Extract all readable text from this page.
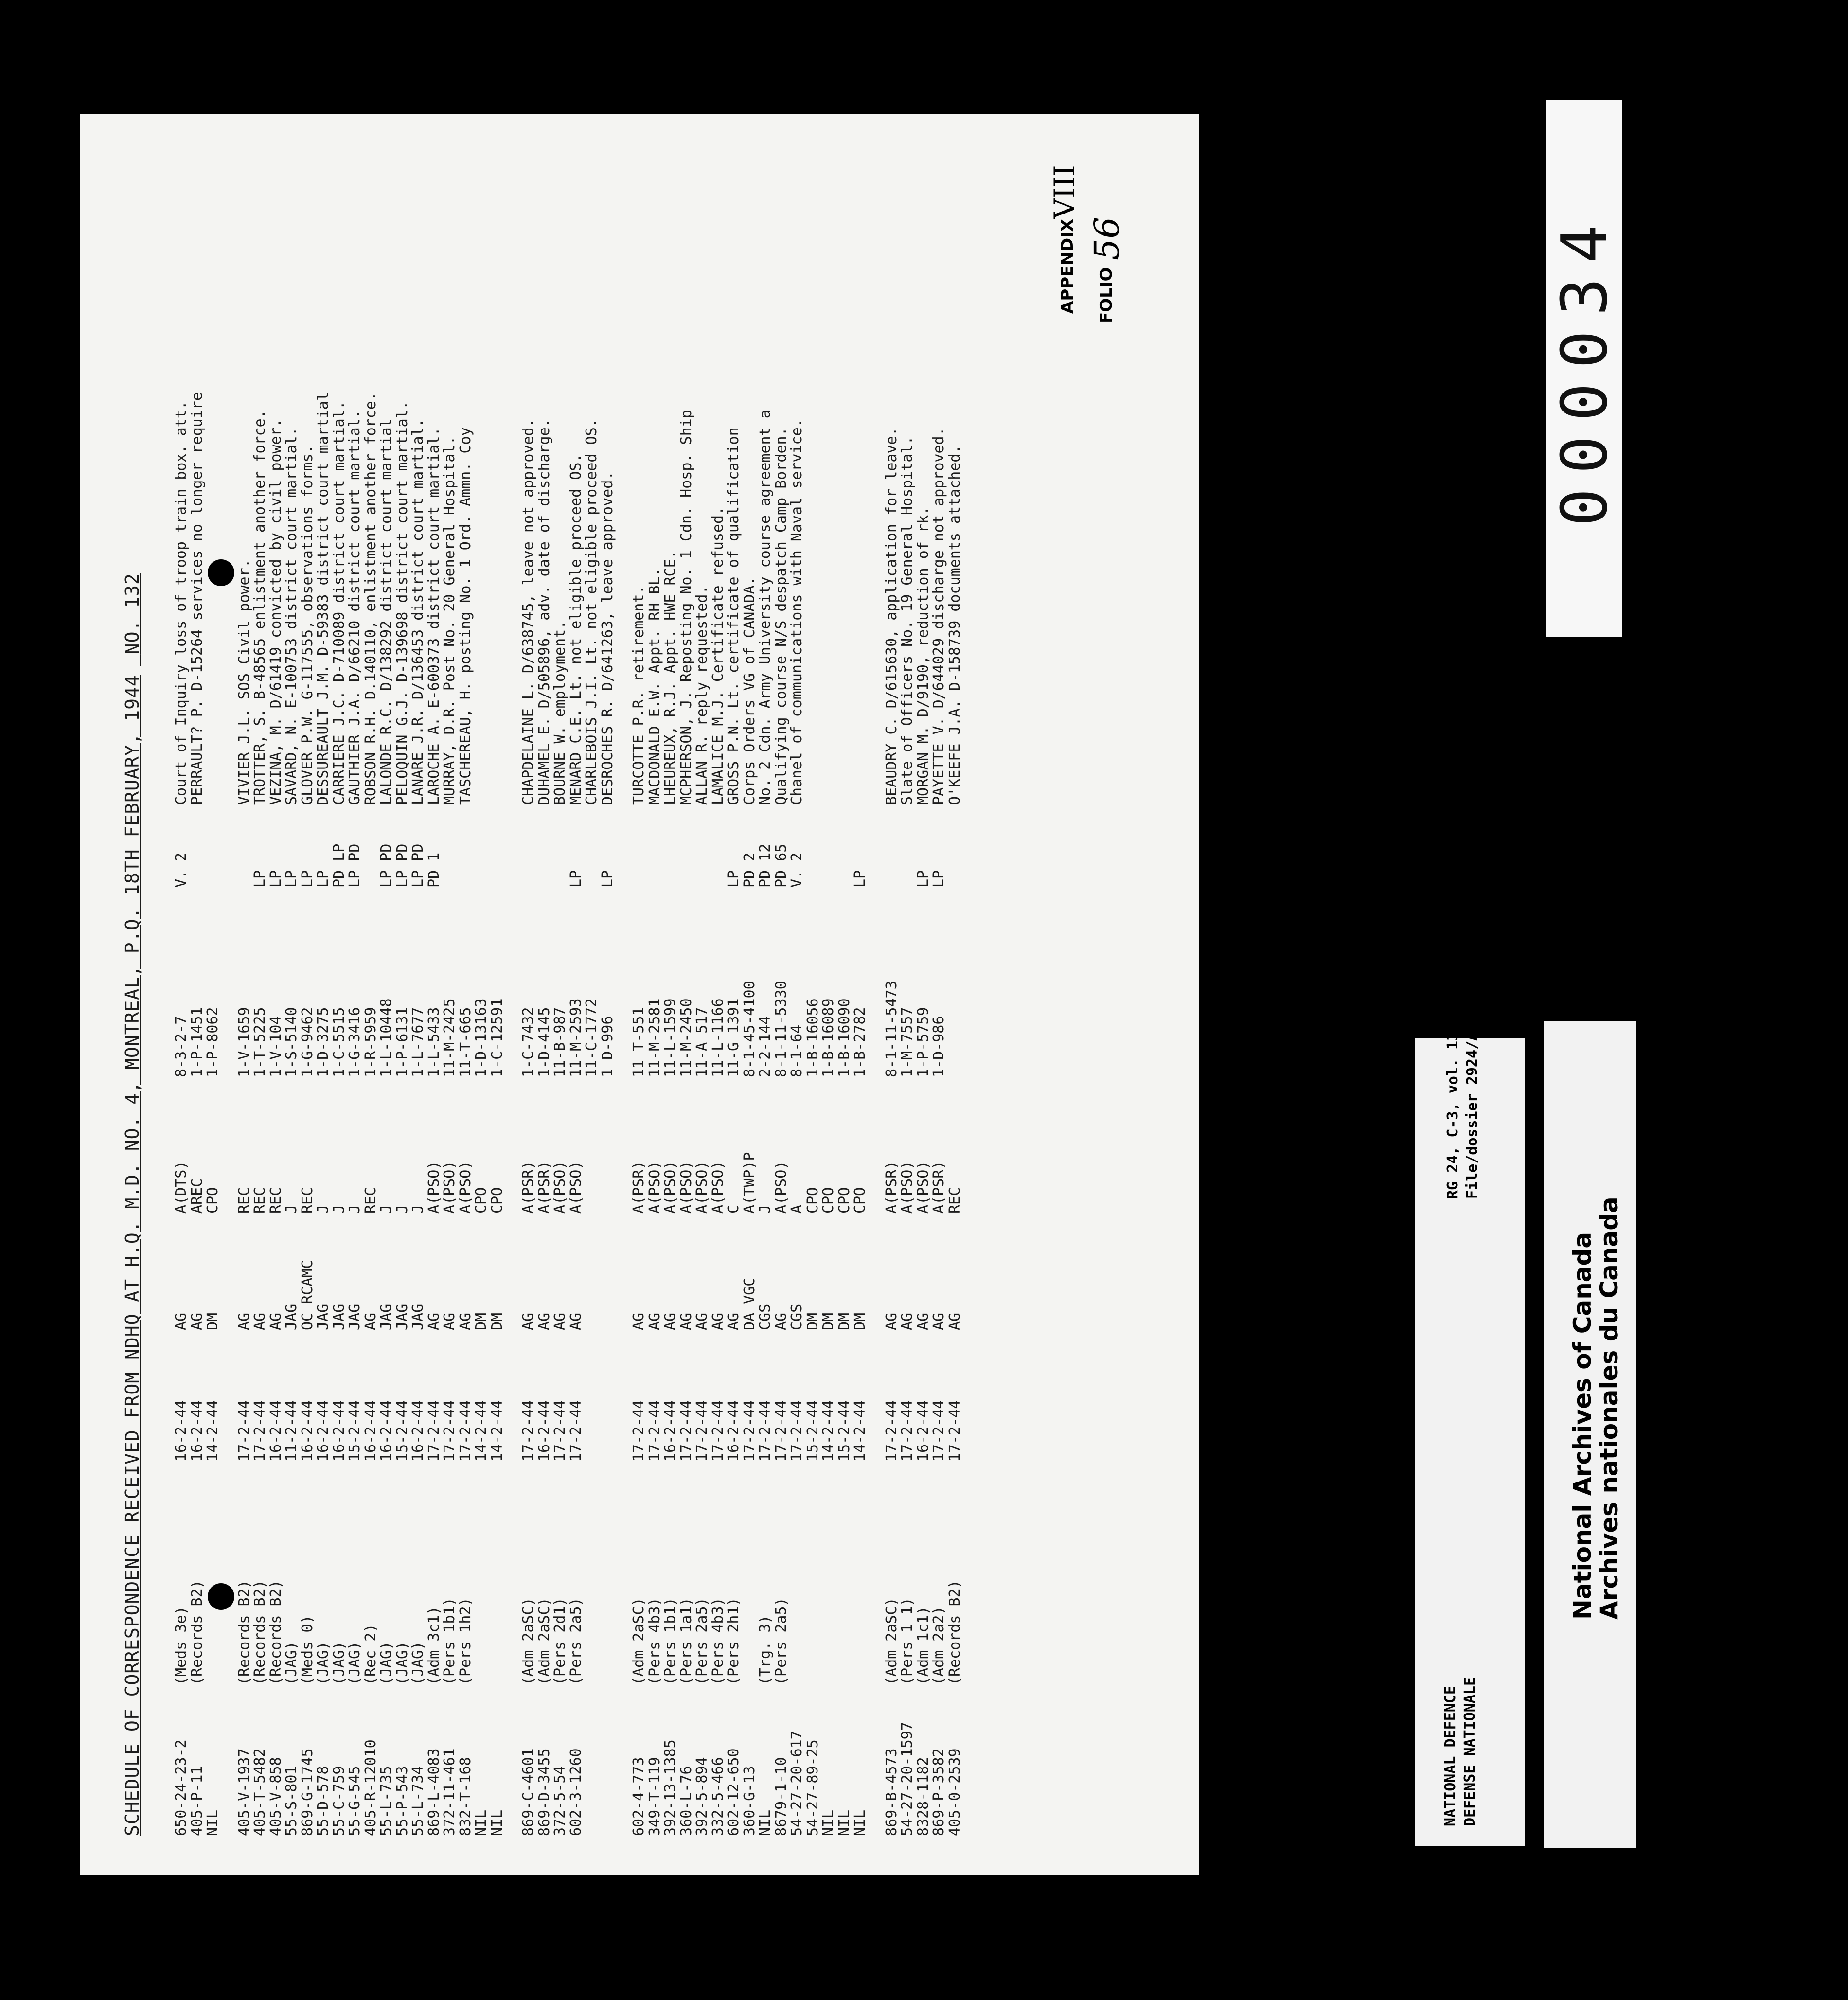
SCHEDULE OF CORRESPONDENCE RECEIVED FROM NDHQ AT H.Q. M.D. NO. 4, MONTREAL, P.Q. 18TH FEBRUARY, 1944 NO. 132
650-24-23-2
(Meds 3e)
16-2-44
AG
A(DTS)
8-3-2-7
V. 2
Court of Inquiry loss of troop train box. att.
405-P-11
(Records B2)
16-2-44
AG
AREC
1-P-1451
PERRAULT? P. D-15264 services no longer require
NIL
14-2-44
DM
CPO
1-P-8062
405-V-1937
(Records B2)
17-2-44
AG
REC
1-V-1659
VIVIER J.L. SOS Civil power.
405-T-5482
(Records B2)
17-2-44
AG
REC
1-T-5225
LP
TROTTER, S. B-48565 enlistment another force.
405-V-858
(Records B2)
16-2-44
AG
REC
1-V-104
LP
VEZINA, M. D/61419 convicted by civil power.
55-S-801
(JAG)
11-2-44
JAG
J
1-S-5140
LP
SAVARD, N. E-100753 district court martial.
869-G-1745
(Meds 0)
16-2-44
OC RCAMC
REC
1-G-9462
LP
GLOVER P.W. G-117555, observations forms.
55-D-578
(JAG)
16-2-44
JAG
J
1-D-3275
LP
DESSUREAULT J.M. D-59383 district court martial
55-C-759
(JAG)
16-2-44
JAG
J
1-C-5515
PD LP
CARRIERE J.C. D-710089 district court martial.
55-G-545
(JAG)
15-2-44
JAG
J
1-G-3416
LP PD
GAUTHIER J.A. D/66210 district court martial.
405-R-12010
(Rec 2)
16-2-44
AG
REC
1-R-5959
ROBSON R.H. D.140110, enlistment another force.
55-L-735
(JAG)
16-2-44
JAG
J
1-L-10448
LP PD
LALONDE R.C. D/138292 district court martial
55-P-543
(JAG)
15-2-44
JAG
J
1-P-6131
LP PD
PELOQUIN G.J. D-139698 district court martial.
55-L-734
(JAG)
16-2-44
JAG
J
1-L-7677
LP PD
LANARE J.R. D/136453 district court martial.
869-L-4083
(Adm 3c1)
17-2-44
AG
A(PSO)
1-L-5433
PD 1
LAROCHE A. E-600373 district court martial.
372-11-461
(Pers 1b1)
17-2-44
AG
A(PSO)
11-M-2425
MURRAY, D.R. Post No. 20 General Hospital.
832-T-168
(Pers 1h2)
17-2-44
AG
A(PSO)
11-T-665
TASCHEREAU, H. posting No. 1 Ord. Ammn. Coy
NIL
14-2-44
DM
CPO
1-D-13163
NIL
14-2-44
DM
CPO
1-C-12591
869-C-4601
(Adm 2aSC)
17-2-44
AG
A(PSR)
1-C-7432
CHAPDELAINE L. D/638745, leave not approved.
869-D-3455
(Adm 2aSC)
16-2-44
AG
A(PSR)
1-D-4145
DUHAMEL E. D/505896, adv. date of discharge.
372-5-54
(Pers 2d1)
17-2-44
AG
A(PSO)
11-B-987
BOURNE W. employment.
602-3-1260
(Pers 2a5)
17-2-44
AG
A(PSO)
11-M-2593
LP
MENARD C.E. Lt. not eligible proceed OS.
11-C-1772
CHARLEBOIS J.I. Lt. not eligible proceed OS.
1 D-996
LP
DESROCHES R. D/641263, leave approved.
602-4-773
(Adm 2aSC)
17-2-44
AG
A(PSR)
11 T-551
TURCOTTE P.R. retirement.
349-T-119
(Pers 4b3)
17-2-44
AG
A(PSO)
11-M-2581
MACDONALD E.W. Appt. RH BL.
392-13-1385
(Pers 1b1)
16-2-44
AG
A(PSO)
11-L-1599
LHEUREUX, R.J. Appt. HWE RCE.
360-L-76
(Pers 1a1)
17-2-44
AG
A(PSO)
11-M-2450
MCPHERSON, J. Reposting No. 1 Cdn. Hosp. Ship
392-5-894
(Pers 2a5)
17-2-44
AG
A(PSO)
11-A 517
ALLAN R. reply requested.
332-5-466
(Pers 4b3)
17-2-44
AG
A(PSO)
11-L-1166
LAMALICE M.J. Certificate refused.
602-12-650
(Pers 2h1)
16-2-44
AG
C
11-G 1391
LP
GROSS P.N. Lt. certificate of qualification
360-G-13
17-2-44
DA VGC
A(TWP)P
8-1-45-4100
PD 2
Corps Orders VG of CANADA.
NIL
(Trg. 3)
17-2-44
CGS
J
2-2-144
PD 12
No. 2 Cdn. Army University course agreement a
8679-1-10
(Pers 2a5)
17-2-44
AG
A(PSO)
8-1-11-5330
PD 65
Qualifying course N/S despatch Camp Borden.
54-27-20-617
17-2-44
CGS
A
8-1-64
V. 2
Chanel of communications with Naval service.
54-27-89-25
15-2-44
DM
CPO
1-B-16056
NIL
14-2-44
DM
CPO
1-B-16089
NIL
15-2-44
DM
CPO
1-B-16090
NIL
14-2-44
DM
CPO
1-B-2782
LP
869-B-4573
(Adm 2aSC)
17-2-44
AG
A(PSR)
8-1-11-5473
BEAUDRY C. D/615630, application for leave.
54-27-20-1597
(Pers 1 1)
17-2-44
AG
A(PSO)
1-M-7557
Slate of Officers No. 19 General Hospital.
8328-1182
(Adm 1c1)
16-2-44
AG
A(PSO)
1-P-5759
LP
MORGAN M. D/9190, reduction of rk.
869-P-3582
(Adm 2a2)
17-2-44
AG
A(PSR)
1-D-986
LP
PAYETTE V. D/644029 discharge not approved.
405-0-2539
(Records B2)
17-2-44
AG
REC
O'KEEFE J.A. D-158739 documents attached.
APPENDIX
VIII
FOLIO
56	000034
NATIONAL DEFENCE DEFENSE NATIONALE
RG 24, C-3, vol. 13948 File/dossier 2924/A&Q
National Archives of Canada
Archives nationales du Canada
